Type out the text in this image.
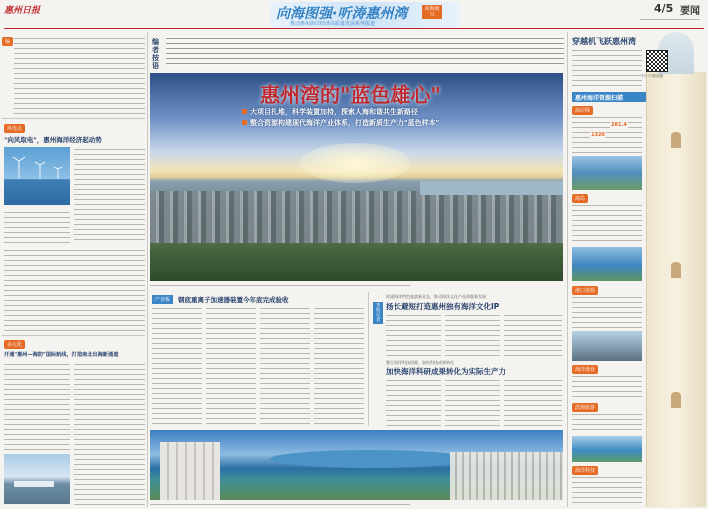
惠州日报	向海图强·听涛惠州湾	向海而兴
推动惠州海洋经济高质量发展系列报道
4/5 要闻
编
风电点
"向风取电"，惠州海洋经济起动势
多元化
开通"惠州—海防"国际航线，打造南北出海新通道
编者按语
惠州湾的"蓝色雄心"
大项目扎堆，科学装置加持，探索人海和谐共生新路径
整合资源构建现代海洋产业体系，打造新质生产力"蓝色样本"
产业板	钢底重离子加速器装置今年底完成验收
本报记者
构建海洋特色旅游新业态，推动海洋文化产品和服务发展
扬长避短打造惠州独有海洋文化IP
整合海洋科技资源，加快科技成果转化
加快海洋科研成果转化为实际生产力
穿越机飞跃惠州湾
扫一扫看视频
惠州海洋资源扫描
海岸线
海岛
港口资源
海洋渔业
滨海旅游
海洋科技
281.4
1320
